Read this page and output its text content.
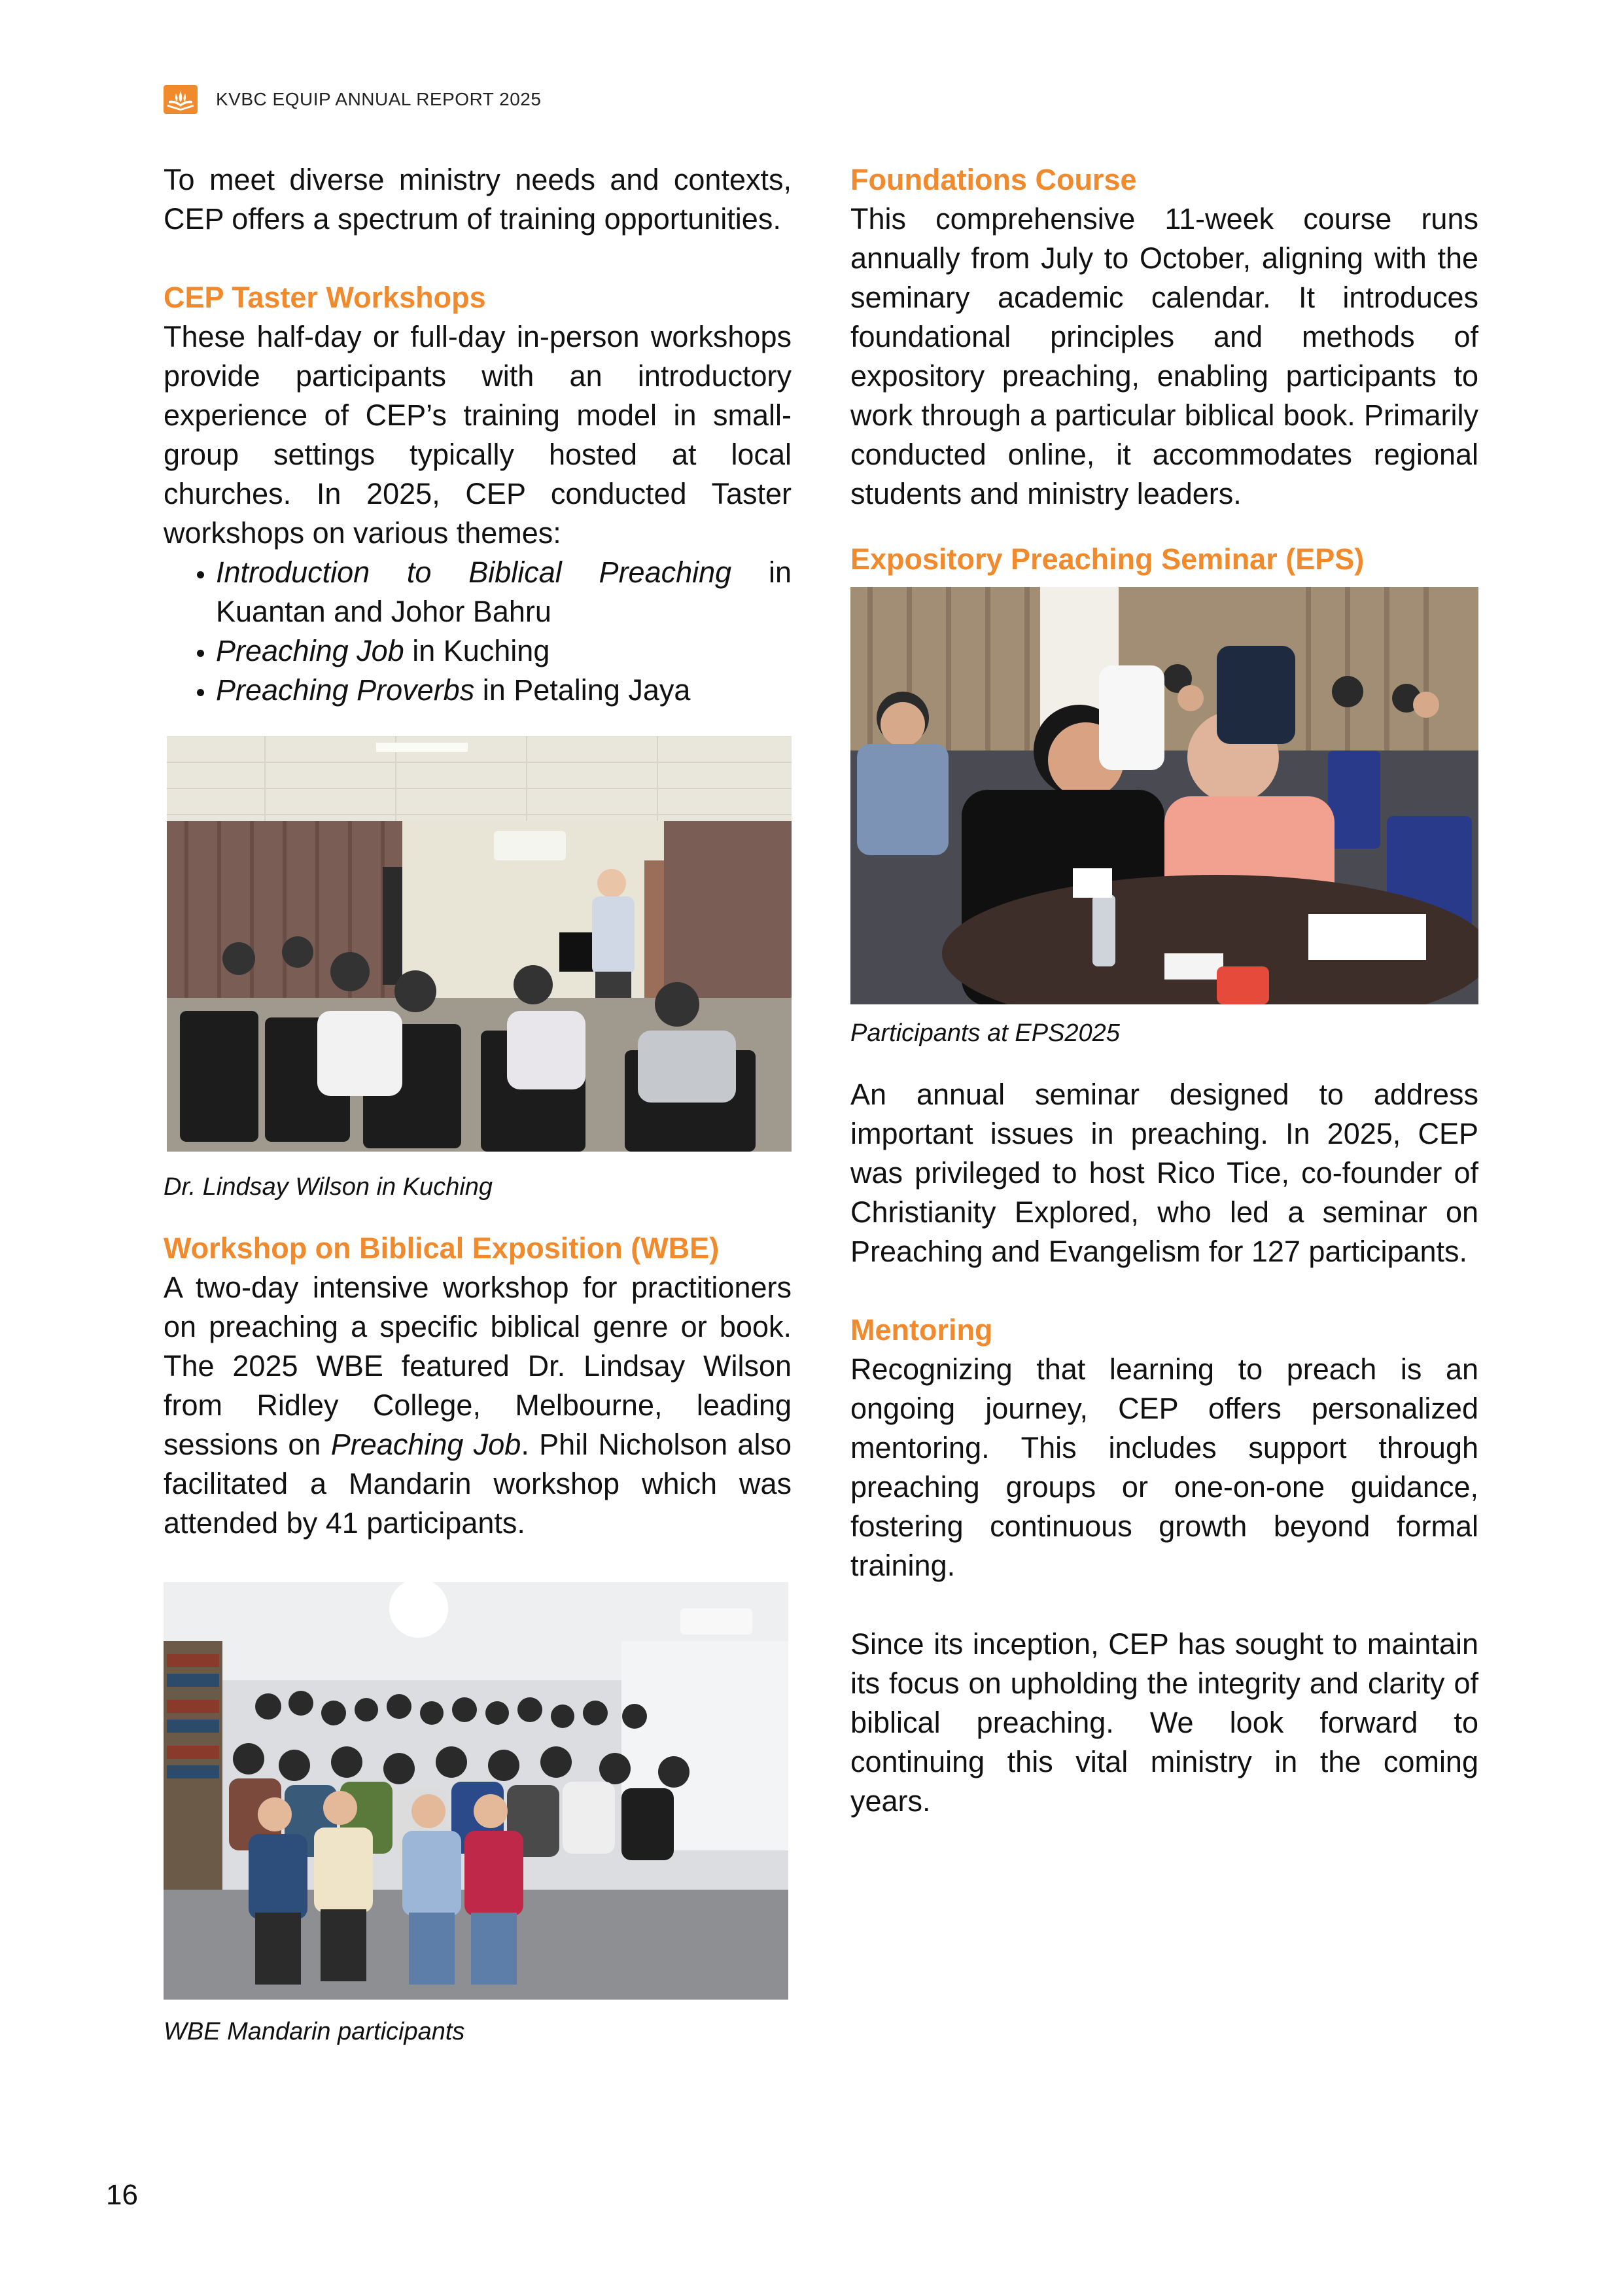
KVBC EQUIP ANNUAL REPORT 2025

To meet diverse ministry needs and contexts, CEP offers a spectrum of training opportunities.

CEP Taster Workshops

These half-day or full-day in-person workshops provide participants with an introductory experience of CEP’s training model in small-group settings typically hosted at local churches. In 2025, CEP conducted Taster workshops on various themes:

• Introduction to Biblical Preaching in Kuantan and Johor Bahru
• Preaching Job in Kuching
• Preaching Proverbs in Petaling Jaya
Dr. Lindsay Wilson in Kuching
Workshop on Biblical Exposition (WBE)

A two-day intensive workshop for practitioners on preaching a specific biblical genre or book. The 2025 WBE featured Dr. Lindsay Wilson from Ridley College, Melbourne, leading sessions on Preaching Job. Phil Nicholson also facilitated a Mandarin workshop which was attended by 41 participants.

WBE Mandarin participants
Foundations Course

This comprehensive 11-week course runs annually from July to October, aligning with the seminary academic calendar. It introduces foundational principles and methods of expository preaching, enabling participants to work through a particular biblical book. Primarily conducted online, it accommodates regional students and ministry leaders.

Expository Preaching Seminar (EPS)
Participants at EPS2025

An annual seminar designed to address important issues in preaching. In 2025, CEP was privileged to host Rico Tice, co-founder of Christianity Explored, who led a seminar on Preaching and Evangelism for 127 participants.

Mentoring

Recognizing that learning to preach is an ongoing journey, CEP offers personalized mentoring. This includes support through preaching groups or one-on-one guidance, fostering continuous growth beyond formal training.

Since its inception, CEP has sought to maintain its focus on upholding the integrity and clarity of biblical preaching. We look forward to continuing this vital ministry in the coming years.

16
